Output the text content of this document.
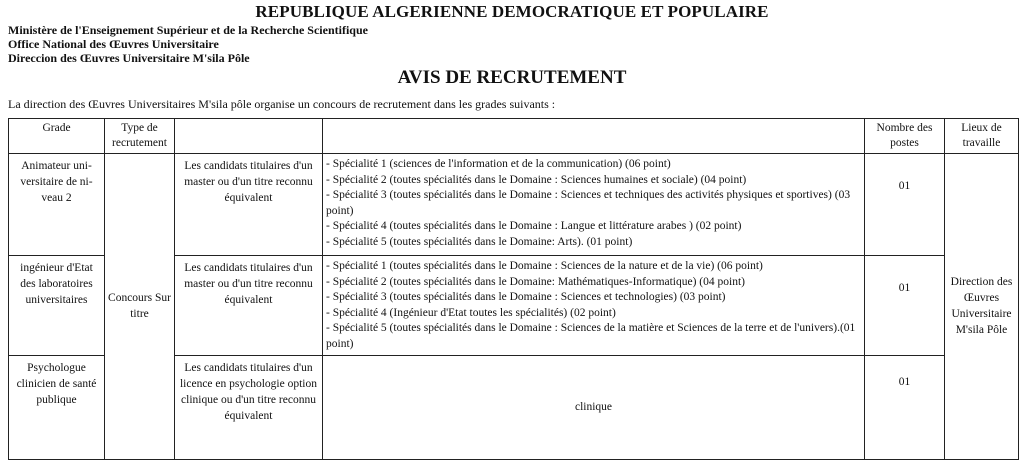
REPUBLIQUE ALGERIENNE DEMOCRATIQUE ET POPULAIRE
Ministère de l'Enseignement Supérieur et de la Recherche Scientifique
Office National des Œuvres Universitaire
Direccion des Œuvres Universitaire M'sila Pôle
AVIS DE RECRUTEMENT
La direction des Œuvres Universitaires M'sila pôle organise un concours de recrutement dans les grades suivants :
Grade	Type de recrutement			Nombre des postes	Lieux de travaille
Animateur uni-versitaire de ni-veau 2	Concours Sur titre	Les candidats titulaires d'un master ou d'un titre reconnu équivalent	- Spécialité 1 (sciences de l'information et de la communication) (06 point)
- Spécialité 2 (toutes spécialités dans le Domaine : Sciences humaines et sociale) (04 point)
- Spécialité 3 (toutes spécialités dans le Domaine : Sciences et techniques des activités physiques et sportives) (03 point)
- Spécialité 4 (toutes spécialités dans le Domaine : Langue et littérature arabes ) (02 point)
- Spécialité 5 (toutes spécialités dans le Domaine: Arts). (01 point)	01	Direction des Œuvres Universitaire M'sila Pôle
ingénieur d'Etat des laboratoires universitaires		Les candidats titulaires d'un master ou d'un titre reconnu équivalent	- Spécialité 1 (toutes spécialités dans le Domaine : Sciences de la nature et de la vie) (06 point)
- Spécialité 2 (toutes spécialités dans le Domaine: Mathématiques-Informatique) (04 point)
- Spécialité 3 (toutes spécialités dans le Domaine : Sciences et technologies) (03 point)
- Spécialité 4 (Ingénieur d'Etat toutes les spécialités) (02 point)
- Spécialité 5 (toutes spécialités dans le Domaine : Sciences de la matière et Sciences de la terre et de l'univers).(01 point)	01	
Psychologue clinicien de santé publique		Les candidats titulaires d'un licence en psychologie option clinique ou d'un titre reconnu équivalent	clinique	01	
